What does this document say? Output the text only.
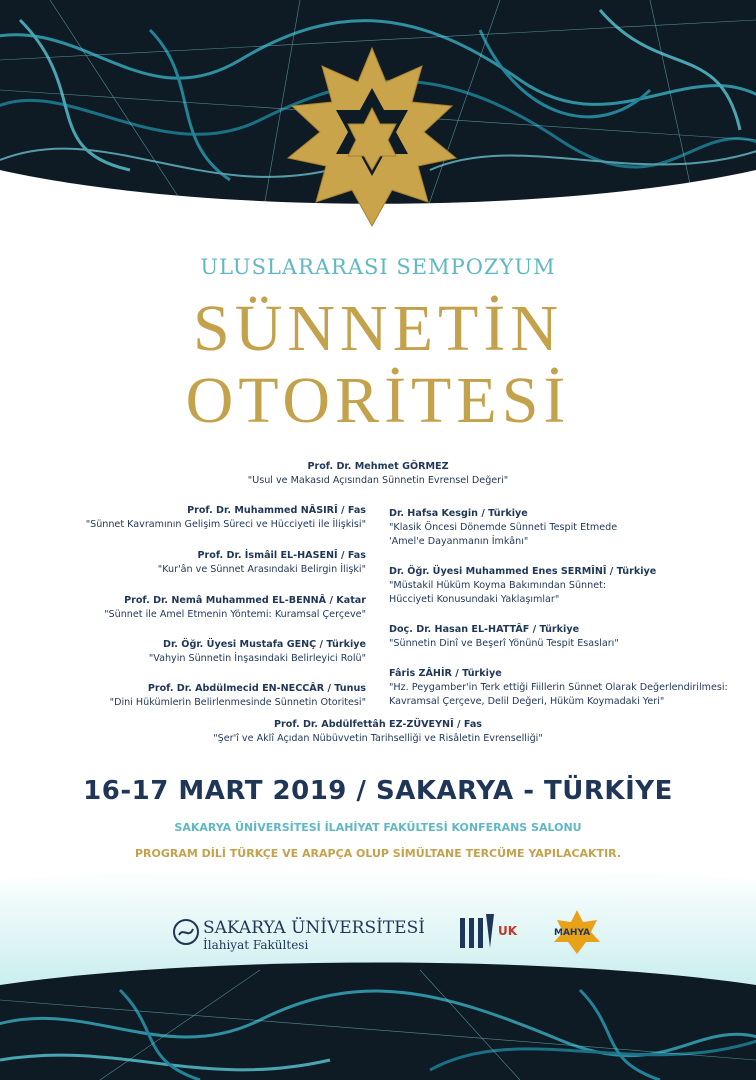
ULUSLARARASI SEMPOZYUM
SÜNNETİN
OTORİTESİ
Prof. Dr. Mehmet GÖRMEZ
"Usul ve Makasıd Açısından Sünnetin Evrensel Değeri"
Prof. Dr. Muhammed NÂSIRÎ / Fas
"Sünnet Kavramının Gelişim Süreci ve Hücciyeti ile İlişkisi"
Prof. Dr. İsmâil EL-HASENÎ / Fas
"Kur'ân ve Sünnet Arasındaki Belirgin İlişki"
Prof. Dr. Nemâ Muhammed EL-BENNÂ / Katar
"Sünnet ile Amel Etmenin Yöntemi: Kuramsal Çerçeve"
Dr. Öğr. Üyesi Mustafa GENÇ / Türkiye
"Vahyin Sünnetin İnşasındaki Belirleyici Rolü"
Prof. Dr. Abdülmecid EN-NECCÂR / Tunus
"Dini Hükümlerin Belirlenmesinde Sünnetin Otoritesi"
Dr. Hafsa Kesgin / Türkiye
"Klasik Öncesi Dönemde Sünneti Tespit Etmede
'Amel'e Dayanmanın İmkânı"
Dr. Öğr. Üyesi Muhammed Enes SERMÎNÎ / Türkiye
"Müstakil Hüküm Koyma Bakımından Sünnet:
Hücciyeti Konusundaki Yaklaşımlar"
Doç. Dr. Hasan EL-HATTÂF / Türkiye
"Sünnetin Dinî ve Beşerî Yönünü Tespit Esasları"
Fâris ZÂHİR / Türkiye
"Hz. Peygamber'in Terk ettiği Fiillerin Sünnet Olarak Değerlendirilmesi:
Kavramsal Çerçeve, Delil Değeri, Hüküm Koymadaki Yeri"
Prof. Dr. Abdülfettâh EZ-ZÜVEYNÎ / Fas
"Şer'î ve Aklî Açıdan Nübüvvetin Tarihselliği ve Risâletin Evrenselliği"
16-17 MART 2019 / SAKARYA - TÜRKİYE
SAKARYA ÜNİVERSİTESİ İLAHİYAT FAKÜLTESİ KONFERANS SALONU
PROGRAM DİLİ TÜRKÇE VE ARAPÇA OLUP SİMÜLTANE TERCÜME YAPILACAKTIR.
SAKARYA ÜNİVERSİTESİ
İlahiyat Fakültesi
UK	MAHYA
